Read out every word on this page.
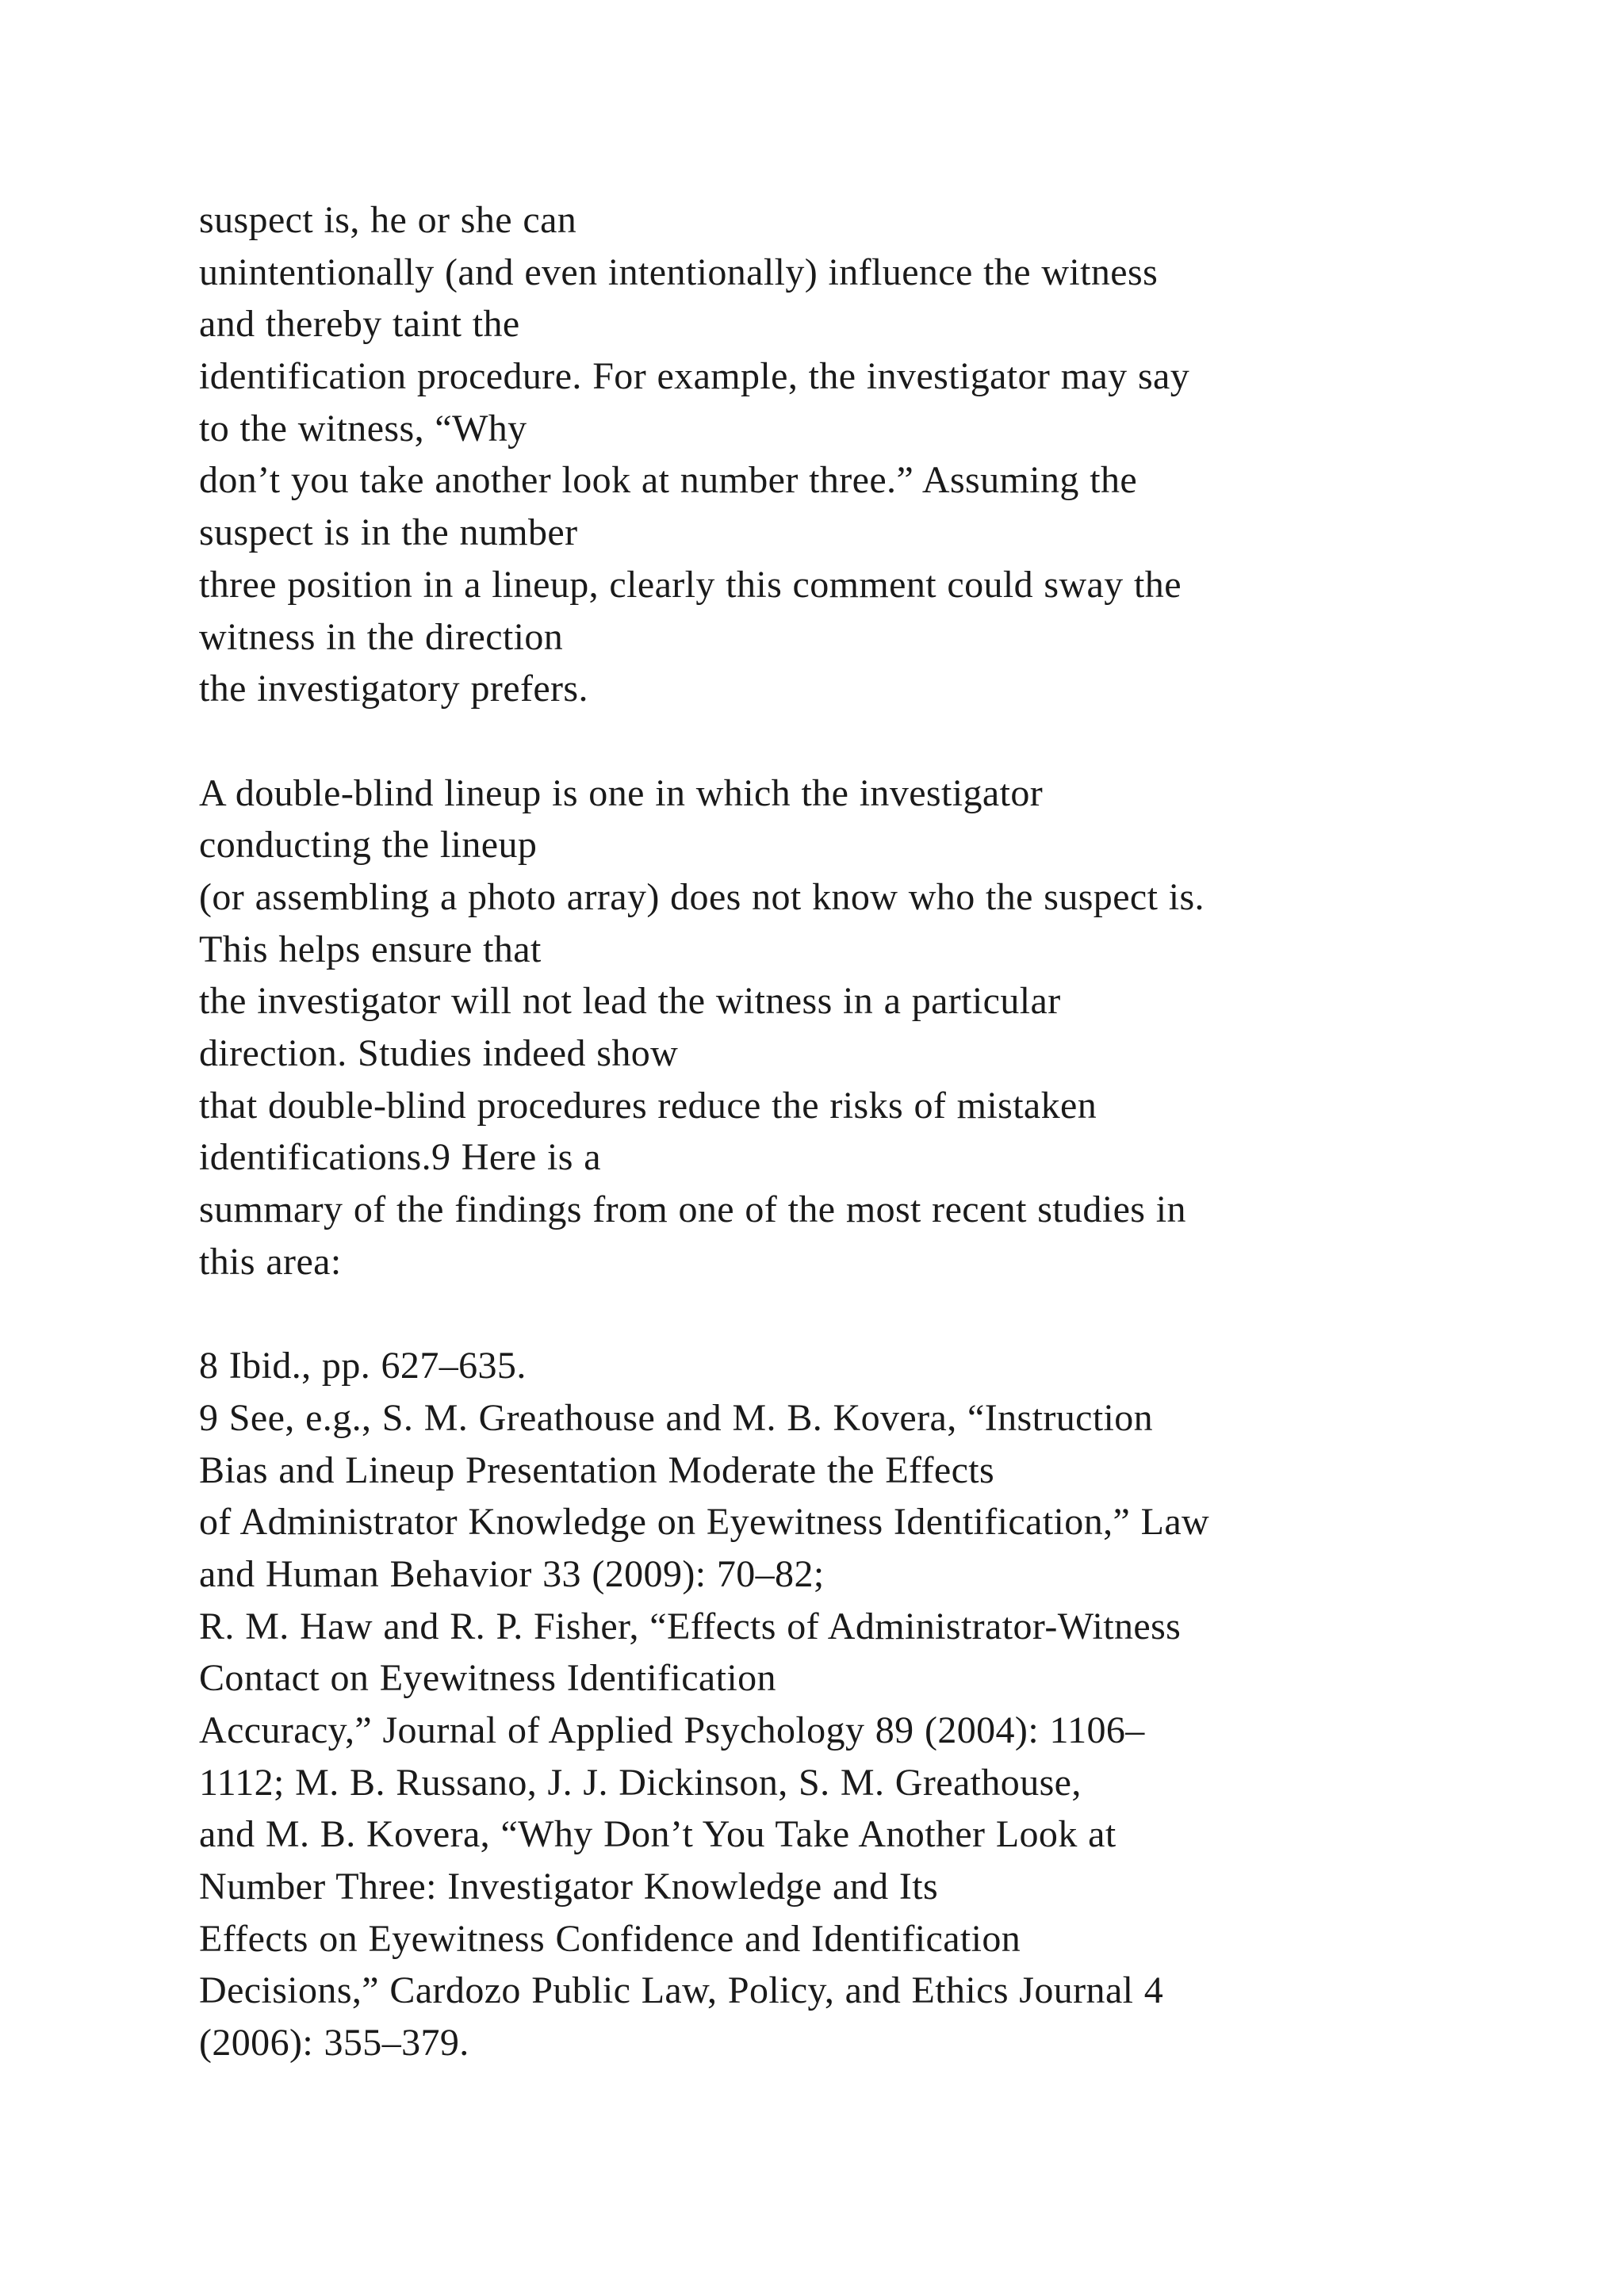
suspect is, he or she can
unintentionally (and even intentionally) influence the witness
and thereby taint the
identification procedure. For example, the investigator may say
to the witness, “Why
don’t you take another look at number three.” Assuming the
suspect is in the number
three position in a lineup, clearly this comment could sway the
witness in the direction
the investigatory prefers.
A double-blind lineup is one in which the investigator
conducting the lineup
(or assembling a photo array) does not know who the suspect is.
This helps ensure that
the investigator will not lead the witness in a particular
direction. Studies indeed show
that double-blind procedures reduce the risks of mistaken
identifications.9 Here is a
summary of the findings from one of the most recent studies in
this area:
8 Ibid., pp. 627–635.
9 See, e.g., S. M. Greathouse and M. B. Kovera, “Instruction
Bias and Lineup Presentation Moderate the Effects
of Administrator Knowledge on Eyewitness Identification,” Law
and Human Behavior 33 (2009): 70–82;
R. M. Haw and R. P. Fisher, “Effects of Administrator-Witness
Contact on Eyewitness Identification
Accuracy,” Journal of Applied Psychology 89 (2004): 1106–
1112; M. B. Russano, J. J. Dickinson, S. M. Greathouse,
and M. B. Kovera, “Why Don’t You Take Another Look at
Number Three: Investigator Knowledge and Its
Effects on Eyewitness Confidence and Identification
Decisions,” Cardozo Public Law, Policy, and Ethics Journal 4
(2006): 355–379.
